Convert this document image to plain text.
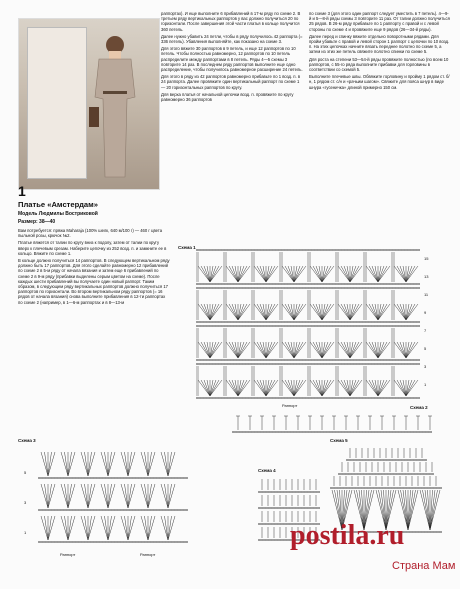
1
Платье «Амстердам»
Модель Людмилы Востриковой
Размер: 38—40

Вам потребуется: пряжа Maharaja (100% шелк, 640 м/100 г) — 460 г цвета пыльной розы, крючок №2.

Платье вяжется от талии по кругу вниз к подолу, затем от талии по кругу вверх к плечевым срезам. Наберите цепочку из 252 возд. п. и замкните ее в кольцо. Вяжите по схеме 1.

В кольце должно получиться 14 раппортов. В следующем вертикальном ряду должно быть 17 раппортов. Для этого сделайте равномерно 12 прибавлений по схеме 2 в 5-м ряду от начала вязания и затем еще 6 прибавлений по схеме 2 в 9-м ряду (прибавки выделены серым цветом на схеме). После каждых шести прибавлений вы получаете один новый раппорт. Таким образом, в следующем ряду вертикальных раппортов должно получиться 17 раппортов по горизонтали. Во втором вертикальном ряду раппортов (= 16 рядов от начала вязания) снова выполните прибавления в 12-ти раппортах по схеме 2 (например, в 1—6-м раппортах и в 8—13-м

раппортах). И еще выполните 6 прибавлений в 17-м ряду по схеме 2. В третьем ряду вертикальных раппортов у вас должно получиться 20 по горизонтали. После завершения этой части платья в кольце получится 360 петель.

Далее нужно убавить 24 петли, чтобы в ряду получилось 42 раппорта (= 336 петель). Убавления выполняйте, как показано на схеме 3.

Для этого вяжите 30 раппортов в 9 петель, и еще 12 раппортов по 10 петель. Чтобы полностью равномерно, 12 раппортов по 10 петель распределите между раппортами в 8 петель. Ряды 4—5 схемы 3 повторите 14 раз. В последнем ряду раппортов выполните еще одно распределение, чтобы получилось равномерное расширение 24 петель.

Для этого в ряду из 42 раппортов равномерно прибавьте по 1 возд. п. в 24 раппорта. Далее провяжите один вертикальный раппорт по схеме 1 — 20 горизонтальных раппортов по кругу.

Для верха платья от начальной цепочки возд. п. провяжите по кругу равномерно 36 раппортов

по схеме 3 (для этого один раппорт следует уместить в 7 петель). 4—9-й и 5—8-й ряды схемы 3 повторите 11 раз. От талии должно получиться 25 рядов. В 26-м ряду прибавьте по 1 раппорту с правой и с левой стороны по схеме 4 и провяжите еще 9 рядов (26—34-й ряды).

Далее перед и спинку вяжите отдельно поворотными рядами. Для пройм убавьте с правой и левой сторон 1 раппорт с цепочки по 10 возд. п. На этих цепочках начните вязать переднее полотно по схеме 5, а затем из этих же петель свяжите полотно спинки по схеме 5.

Для роста на степени 53—54-й ряды провяжите полностью (по всем 10 раппортов, с 55-го ряда выполните прибавки для горловины в соответствии со схемой 5.

Выполните плечевые швы. Обвяжите горловину и пройму 1 рядом ст. б/н, 1 рядом ст. с/н и «рачьим шагом». Свяжите для пояса шнур в виде шнура «гусеничка» длиной примерно 150 см.

Схема 1
15
13
11
9
7
5
3
1
Раппорт	Схема 2
Схема 3
5
3
1
Раппорт	Раппорт
Схема 4
Схема 5
postila.ru
Страна Мам
